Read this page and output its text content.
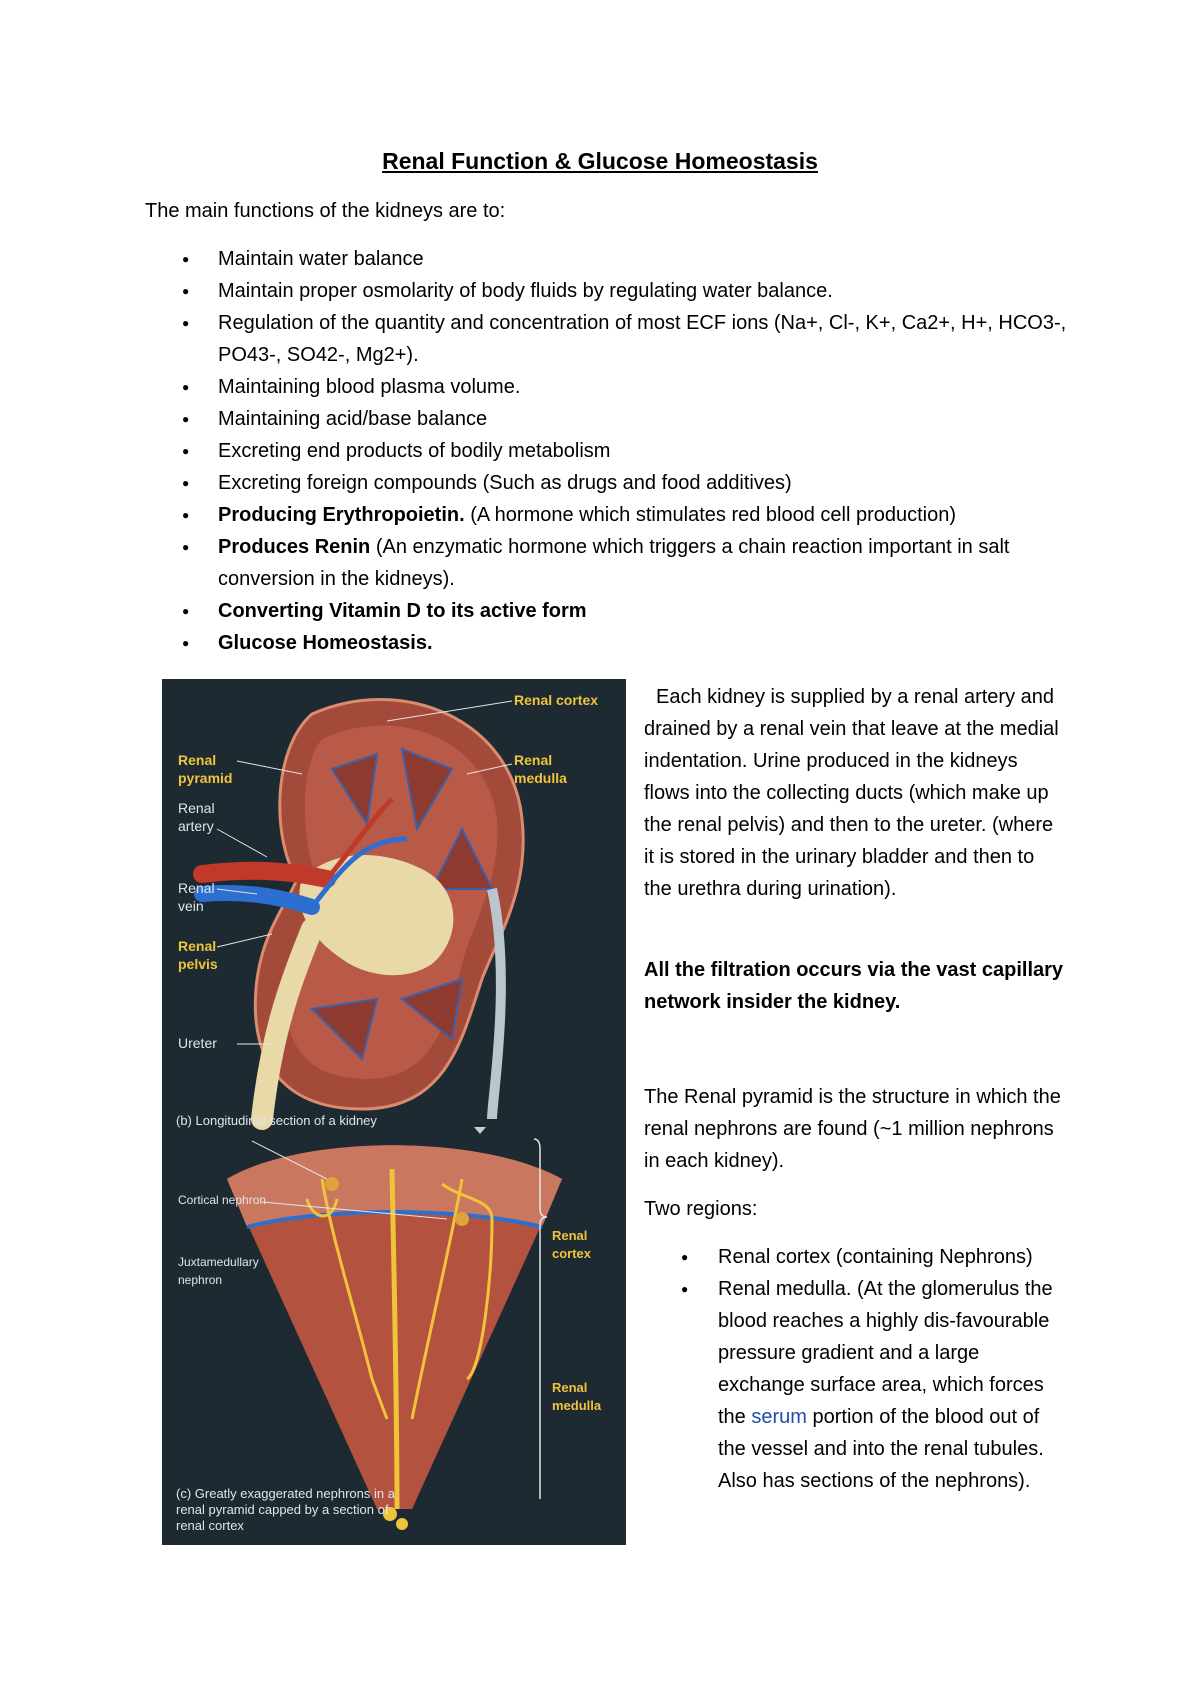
Renal Function & Glucose Homeostasis
The main functions of the kidneys are to:
● Maintain water balance
● Maintain proper osmolarity of body fluids by regulating water balance.
● Regulation of the quantity and concentration of most ECF ions (Na+, Cl-, K+, Ca2+, H+, HCO3-, PO43-, SO42-, Mg2+).
● Maintaining blood plasma volume.
● Maintaining acid/base balance
● Excreting end products of bodily metabolism
● Excreting foreign compounds (Such as drugs and food additives)
● Producing Erythropoietin. (A hormone which stimulates red blood cell production)
● Produces Renin (An enzymatic hormone which triggers a chain reaction important in salt conversion in the kidneys).
● Converting Vitamin D to its active form
● Glucose Homeostasis.
Renal cortex
Renal medulla
Renal pyramid
Renal artery
Renal vein
Renal pelvis
Ureter
(b) Longitudinal section of a kidney
Cortical nephron
Juxtamedullary nephron
Renal cortex
Renal medulla
(c) Greatly exaggerated nephrons in a renal pyramid capped by a section of renal cortex

Each kidney is supplied by a renal artery and drained by a renal vein that leave at the medial indentation. Urine produced in the kidneys flows into the collecting ducts (which make up the renal pelvis) and then to the ureter. (where it is stored in the urinary bladder and then to the urethra during urination).

All the filtration occurs via the vast capillary network insider the kidney.

The Renal pyramid is the structure in which the renal nephrons are found (~1 million nephrons in each kidney).

Two regions:

● Renal cortex (containing Nephrons)
● Renal medulla. (At the glomerulus the blood reaches a highly dis-favourable pressure gradient and a large exchange surface area, which forces the serum portion of the blood out of the vessel and into the renal tubules. Also has sections of the nephrons).
